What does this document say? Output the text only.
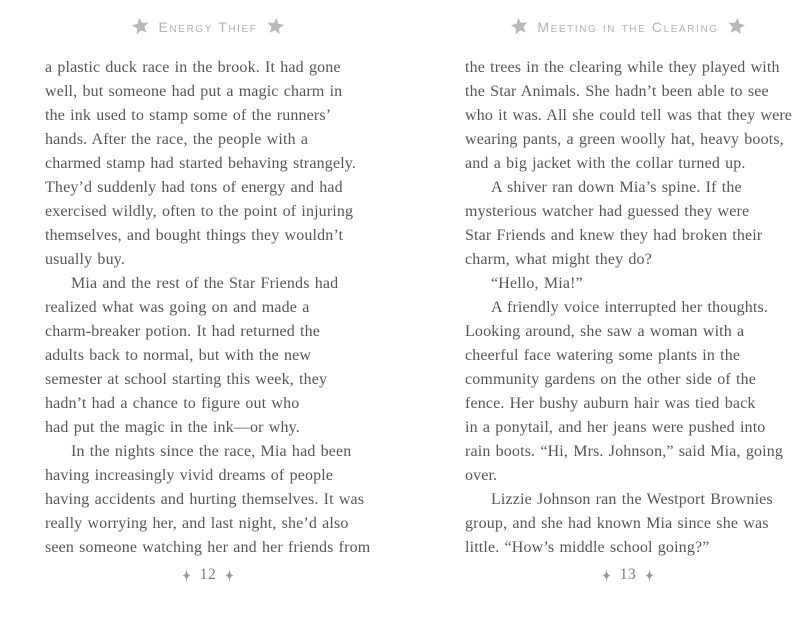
Energy Thief
a plastic duck race in the brook. It had gone
well, but someone had put a magic charm in
the ink used to stamp some of the runners’
hands. After the race, the people with a
charmed stamp had started behaving strangely.
They’d suddenly had tons of energy and had
exercised wildly, often to the point of injuring
themselves, and bought things they wouldn’t
usually buy.
Mia and the rest of the Star Friends had
realized what was going on and made a
charm-breaker potion. It had returned the
adults back to normal, but with the new
semester at school starting this week, they
hadn’t had a chance to figure out who
had put the magic in the ink—or why.
In the nights since the race, Mia had been
having increasingly vivid dreams of people
having accidents and hurting themselves. It was
really worrying her, and last night, she’d also
seen someone watching her and her friends from
12
Meeting in the Clearing
the trees in the clearing while they played with
the Star Animals. She hadn’t been able to see
who it was. All she could tell was that they were
wearing pants, a green woolly hat, heavy boots,
and a big jacket with the collar turned up.
A shiver ran down Mia’s spine. If the
mysterious watcher had guessed they were
Star Friends and knew they had broken their
charm, what might they do?
“Hello, Mia!”
A friendly voice interrupted her thoughts.
Looking around, she saw a woman with a
cheerful face watering some plants in the
community gardens on the other side of the
fence. Her bushy auburn hair was tied back
in a ponytail, and her jeans were pushed into
rain boots. “Hi, Mrs. Johnson,” said Mia, going
over.
Lizzie Johnson ran the Westport Brownies
group, and she had known Mia since she was
little. “How’s middle school going?”
13
